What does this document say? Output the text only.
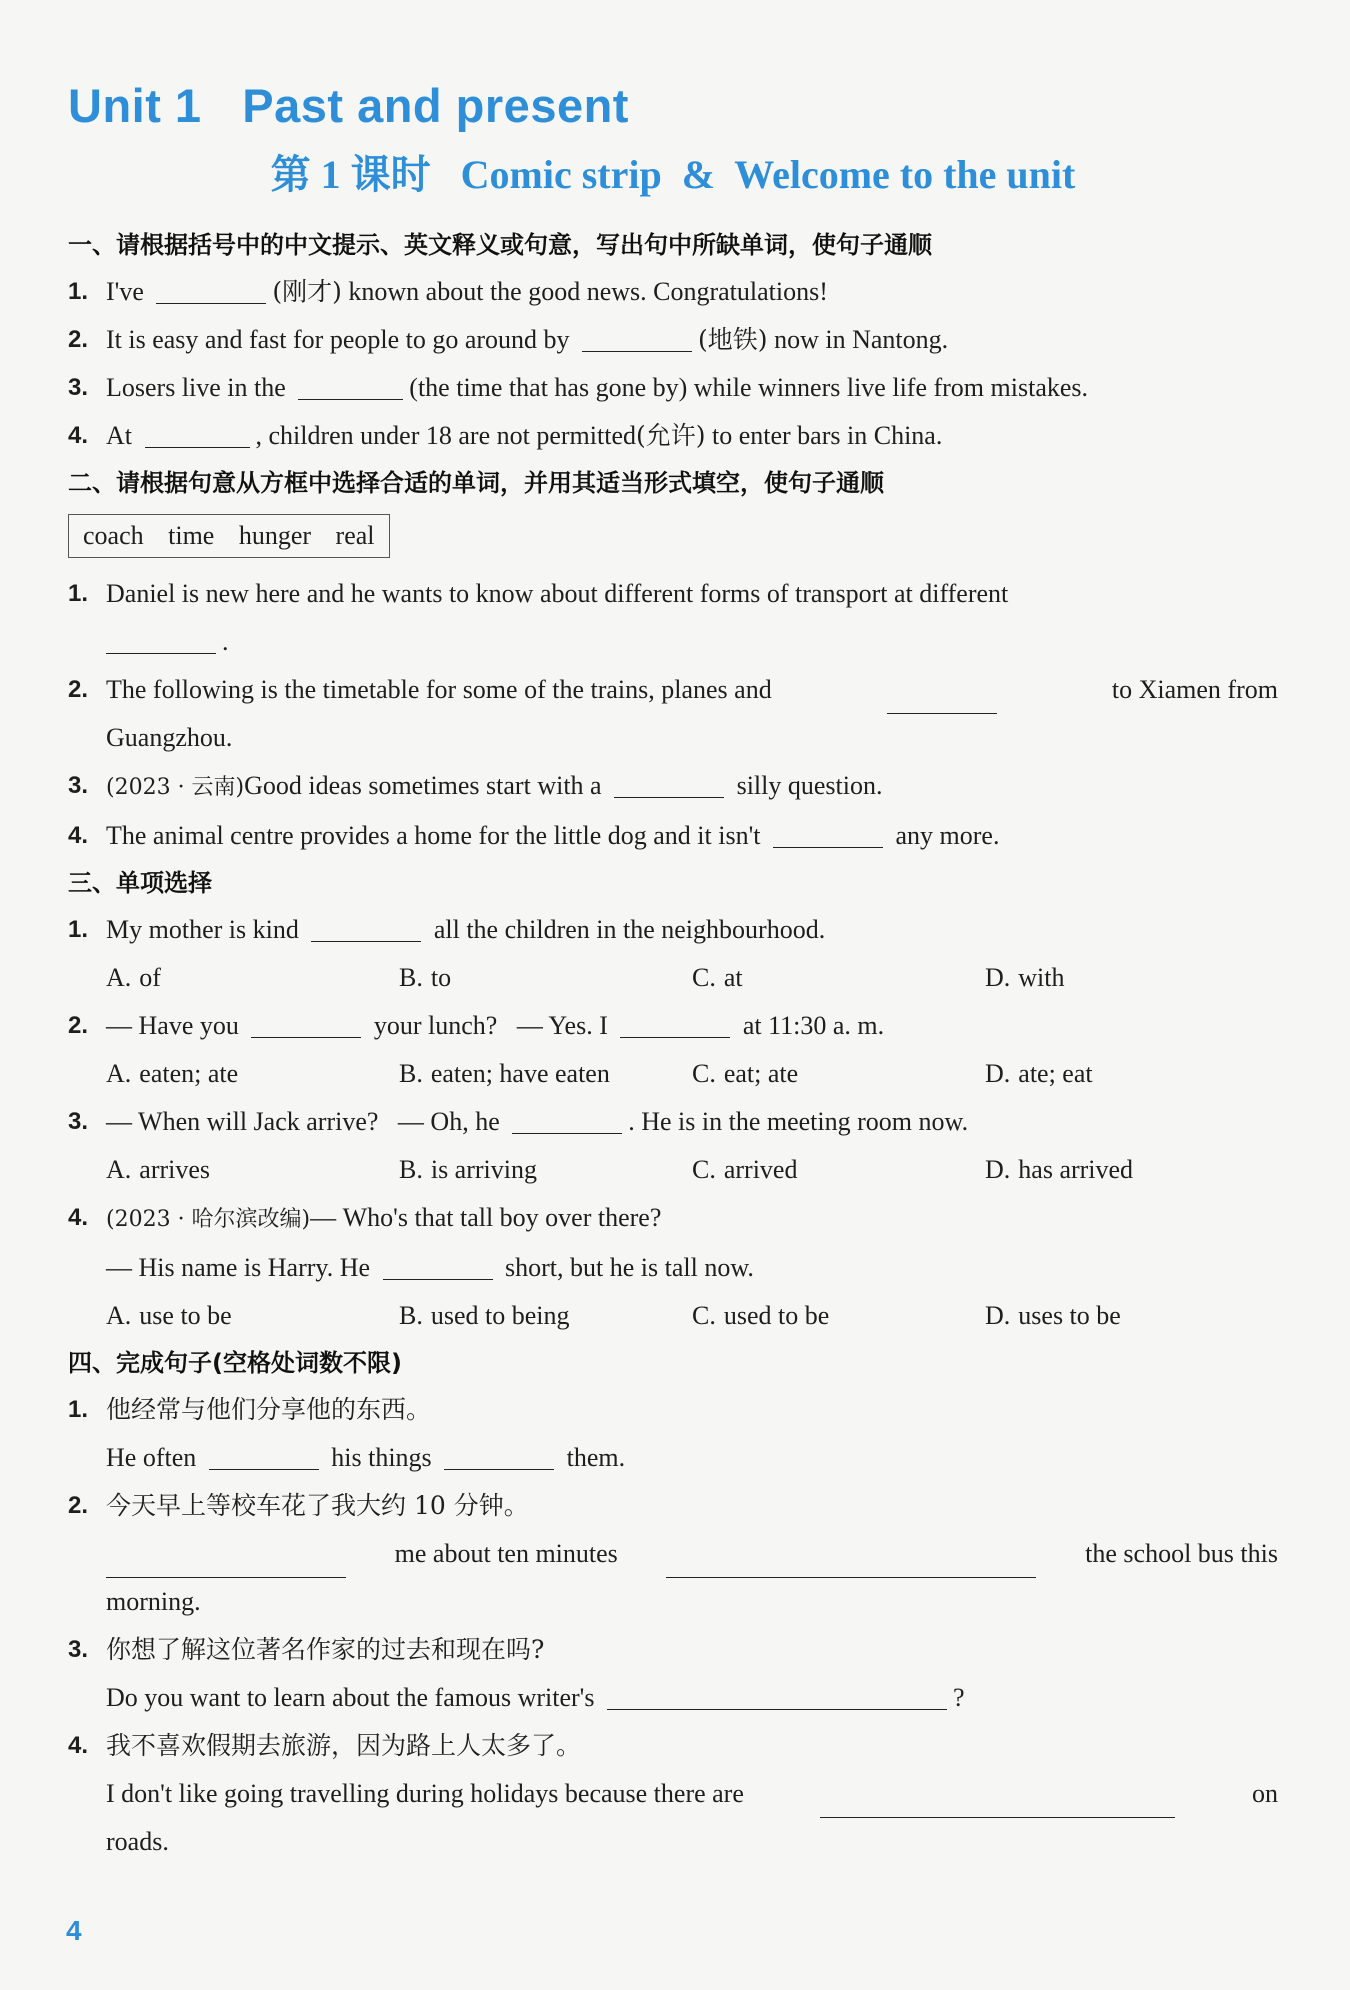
Unit 1   Past and present
第 1 课时   Comic strip  &  Welcome to the unit
一、请根据括号中的中文提示、英文释义或句意，写出句中所缺单词，使句子通顺
1. I've	(刚才) known about the good news. Congratulations!
2. It is easy and fast for people to go around by	(地铁) now in Nantong.
3. Losers live in the	(the time that has gone by) while winners live life from mistakes.
4. At	, children under 18 are not permitted(允许) to enter bars in China.
二、请根据句意从方框中选择合适的单词，并用其适当形式填空，使句子通顺
coach time hunger real
1. Daniel is new here and he wants to know about different forms of transport at different
.
2. The following is the timetable for some of the trains, planes and	to Xiamen from
Guangzhou.
3. (2023 · 云南)Good ideas sometimes start with a	silly question.
4. The animal centre provides a home for the little dog and it isn't	any more.
三、单项选择
1. My mother is kind	all the children in the neighbourhood.
A. of	B. to	C. at	D. with
2. — Have you	your lunch?   — Yes. I	at 11:30 a. m.
A. eaten; ate	B. eaten; have eaten	C. eat; ate	D. ate; eat
3. — When will Jack arrive?   — Oh, he	. He is in the meeting room now.
A. arrives	B. is arriving	C. arrived	D. has arrived
4. (2023 · 哈尔滨改编)— Who's that tall boy over there?
— His name is Harry. He	short, but he is tall now.
A. use to be	B. used to being	C. used to be	D. uses to be
四、完成句子(空格处词数不限)
1. 他经常与他们分享他的东西。
He often	his things	them.
2. 今天早上等校车花了我大约 10 分钟。
me about ten minutes	the school bus this
morning.
3. 你想了解这位著名作家的过去和现在吗?
Do you want to learn about the famous writer's	?
4. 我不喜欢假期去旅游，因为路上人太多了。
I don't like going travelling during holidays because there are	on
roads.
4
